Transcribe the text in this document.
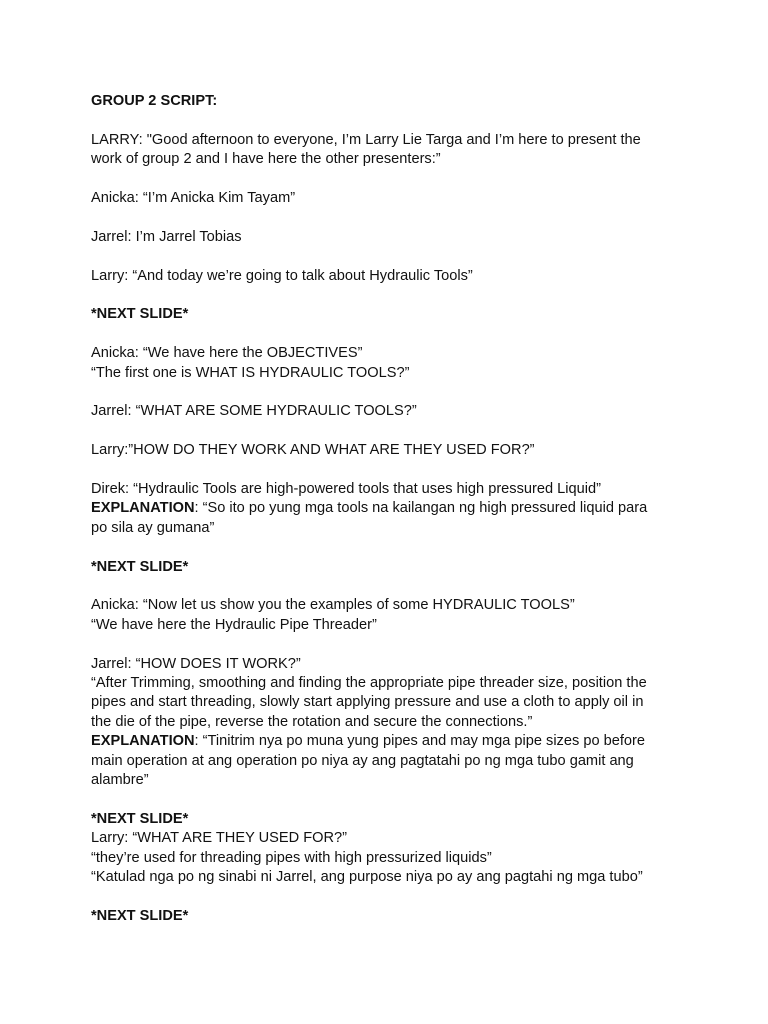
GROUP 2 SCRIPT:
LARRY: "Good afternoon to everyone, I’m Larry Lie Targa and I’m here to present the
work of group 2 and I have here the other presenters:”
Anicka: “I’m Anicka Kim Tayam”
Jarrel: I’m Jarrel Tobias
Larry: “And today we’re going to talk about Hydraulic Tools”
*NEXT SLIDE*
Anicka: “We have here the OBJECTIVES”
“The first one is WHAT IS HYDRAULIC TOOLS?”
Jarrel: “WHAT ARE SOME HYDRAULIC TOOLS?”
Larry:”HOW DO THEY WORK AND WHAT ARE THEY USED FOR?”
Direk: “Hydraulic Tools are high-powered tools that uses high pressured Liquid”
EXPLANATION: “So ito po yung mga tools na kailangan ng high pressured liquid para
po sila ay gumana”
*NEXT SLIDE*
Anicka: “Now let us show you the examples of some HYDRAULIC TOOLS”
“We have here the Hydraulic Pipe Threader”
Jarrel: “HOW DOES IT WORK?”
“After Trimming, smoothing and finding the appropriate pipe threader size, position the
pipes and start threading, slowly start applying pressure and use a cloth to apply oil in
the die of the pipe, reverse the rotation and secure the connections.”
EXPLANATION: “Tinitrim nya po muna yung pipes and may mga pipe sizes po before
main operation at ang operation po niya ay ang pagtatahi po ng mga tubo gamit ang
alambre”
*NEXT SLIDE*
Larry: “WHAT ARE THEY USED FOR?”
“they’re used for threading pipes with high pressurized liquids”
“Katulad nga po ng sinabi ni Jarrel, ang purpose niya po ay ang pagtahi ng mga tubo”
*NEXT SLIDE*
